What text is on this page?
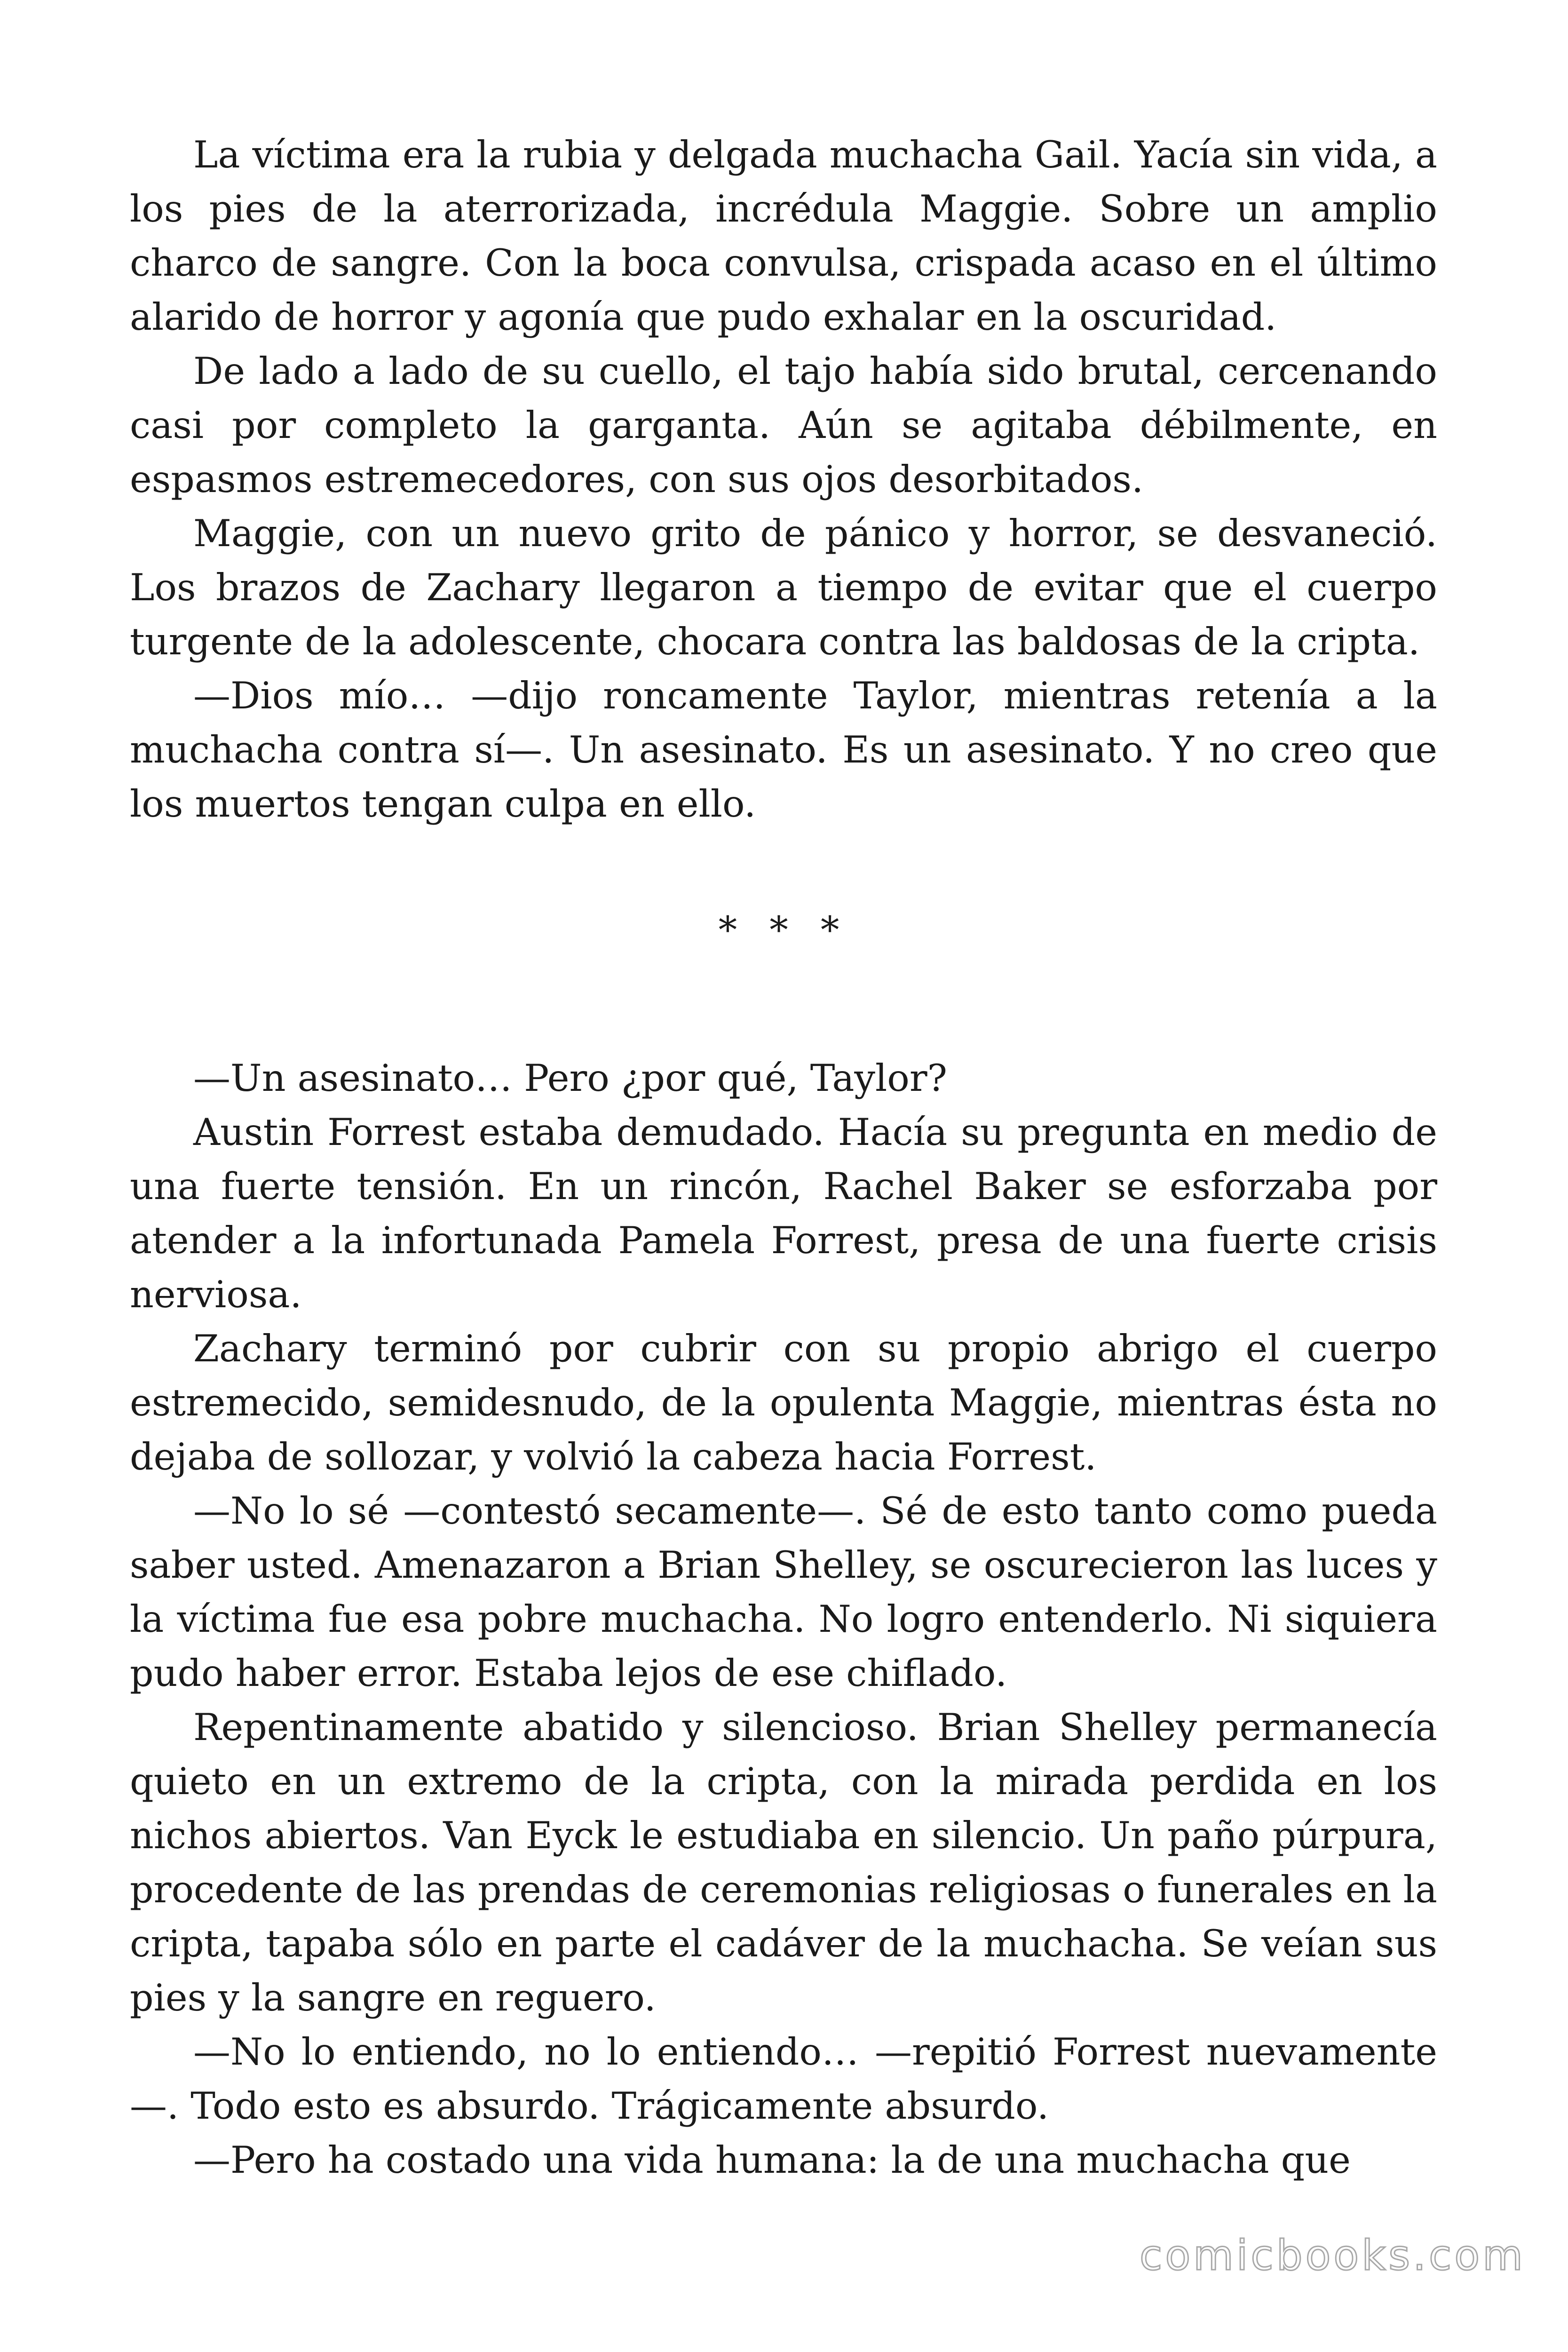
La víctima era la rubia y delgada muchacha Gail. Yacía sin vida, a los pies de la aterrorizada, incrédula Maggie. Sobre un amplio charco de sangre. Con la boca convulsa, crispada acaso en el último alarido de horror y agonía que pudo exhalar en la oscuridad.

De lado a lado de su cuello, el tajo había sido brutal, cercenando casi por completo la garganta. Aún se agitaba débilmente, en espasmos estremecedores, con sus ojos desorbitados.

Maggie, con un nuevo grito de pánico y horror, se desvaneció. Los brazos de Zachary llegaron a tiempo de evitar que el cuerpo turgente de la adolescente, chocara contra las baldosas de la cripta.

—Dios mío… —dijo roncamente Taylor, mientras retenía a la muchacha contra sí—. Un asesinato. Es un asesinato. Y no creo que los muertos tengan culpa en ello.

* * *

—Un asesinato… Pero ¿por qué, Taylor?

Austin Forrest estaba demudado. Hacía su pregunta en medio de una fuerte tensión. En un rincón, Rachel Baker se esforzaba por atender a la infortunada Pamela Forrest, presa de una fuerte crisis nerviosa.

Zachary terminó por cubrir con su propio abrigo el cuerpo estremecido, semidesnudo, de la opulenta Maggie, mientras ésta no dejaba de sollozar, y volvió la cabeza hacia Forrest.

—No lo sé —contestó secamente—. Sé de esto tanto como pueda saber usted. Amenazaron a Brian Shelley, se oscurecieron las luces y la víctima fue esa pobre muchacha. No logro entenderlo. Ni siquiera pudo haber error. Estaba lejos de ese chiflado.

Repentinamente abatido y silencioso. Brian Shelley permanecía quieto en un extremo de la cripta, con la mirada perdida en los nichos abiertos. Van Eyck le estudiaba en silencio. Un paño púrpura, procedente de las prendas de ceremonias religiosas o funerales en la cripta, tapaba sólo en parte el cadáver de la muchacha. Se veían sus pies y la sangre en reguero.

—No lo entiendo, no lo entiendo… —repitió Forrest nuevamente —. Todo esto es absurdo. Trágicamente absurdo.

—Pero ha costado una vida humana: la de una muchacha que

comicbooks.com
